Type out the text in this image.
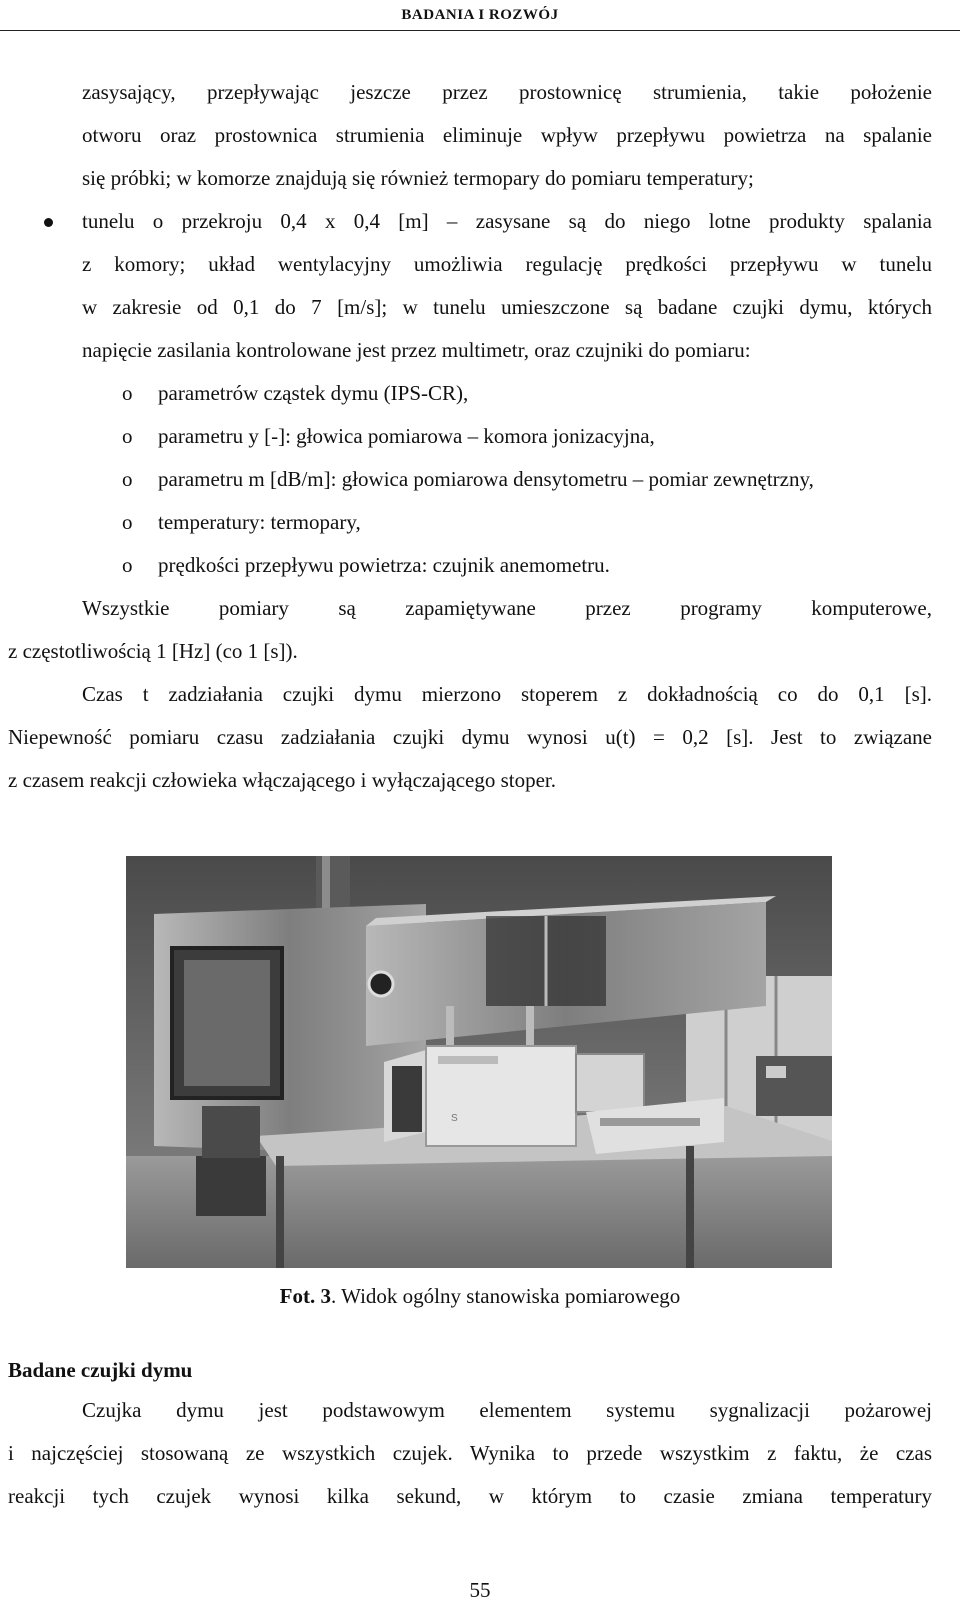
BADANIA I ROZWÓJ
zasysający, przepływając jeszcze przez prostownicę strumienia, takie położenie
otworu oraz prostownica strumienia eliminuje wpływ przepływu powietrza na spalanie
się próbki; w komorze znajdują się również termopary do pomiaru temperatury;
tunelu o przekroju 0,4 x 0,4 [m] – zasysane są do niego lotne produkty spalania
z komory; układ wentylacyjny umożliwia regulację prędkości przepływu w tunelu
w zakresie od 0,1 do 7 [m/s]; w tunelu umieszczone są badane czujki dymu, których
napięcie zasilania kontrolowane jest przez multimetr, oraz czujniki do pomiaru:
o parametrów cząstek dymu (IPS-CR),
o parametru y [-]: głowica pomiarowa – komora jonizacyjna,
o parametru m [dB/m]: głowica pomiarowa densytometru – pomiar zewnętrzny,
o temperatury: termopary,
o prędkości przepływu powietrza: czujnik anemometru.
Wszystkie pomiary są zapamiętywane przez programy komputerowe,
z częstotliwością 1 [Hz] (co 1 [s]).
Czas t zadziałania czujki dymu mierzono stoperem z dokładnością co do 0,1 [s].
Niepewność pomiaru czasu zadziałania czujki dymu wynosi u(t) = 0,2 [s]. Jest to związane
z czasem reakcji człowieka włączającego i wyłączającego stoper.
S
Fot. 3. Widok ogólny stanowiska pomiarowego
Badane czujki dymu
Czujka dymu jest podstawowym elementem systemu sygnalizacji pożarowej
i najczęściej stosowaną ze wszystkich czujek. Wynika to przede wszystkim z faktu, że czas
reakcji tych czujek wynosi kilka sekund, w którym to czasie zmiana temperatury
55
